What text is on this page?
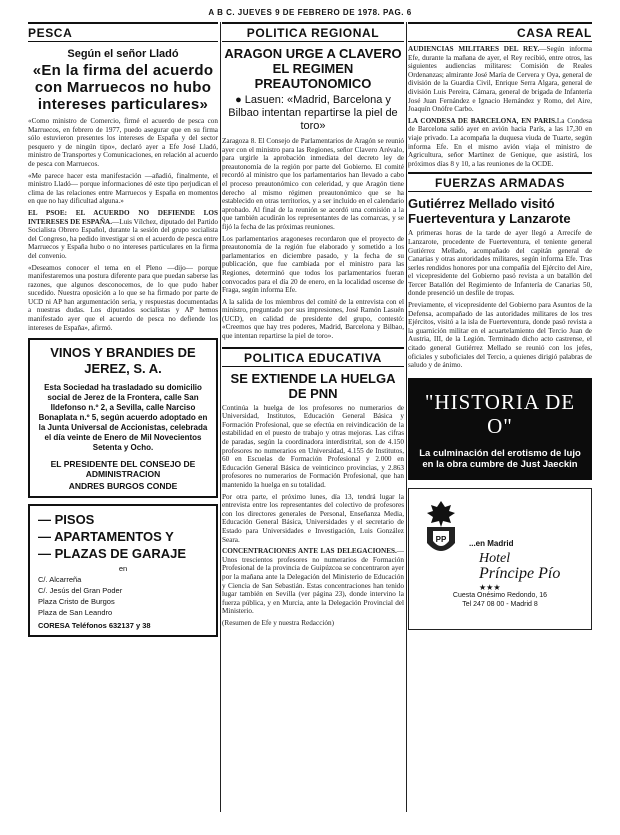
A B C. JUEVES 9 DE FEBRERO DE 1978. PAG. 6
PESCA
Según el señor Lladó
«En la firma del acuerdo con Marruecos no hubo intereses particulares»

«Como ministro de Comercio, firmé el acuerdo de pesca con Marruecos, en febrero de 1977, puedo asegurar que en su firma sólo estuvieron presentes los intereses de España y del sector pesquero y de ningún tipo», declaró ayer a Efe José Lladó, ministro de Transportes y Comunicaciones, en relación al acuerdo de pesca con Marruecos.

«Me parece hacer esta manifestación —añadió, finalmente, el ministro Lladó— porque informaciones dé este tipo perjudican el clima de las relaciones entre Marruecos y España en momentos en que no hay dificultad alguna.»

EL PSOE: EL ACUERDO NO DEFIENDE LOS INTERESES DE ESPAÑA.—Luis Vílchez, diputado del Partido Socialista Obrero Español, durante la sesión del grupo socialista del Congreso, ha pedido investigar si en el acuerdo de pesca entre Marruecos y España hubo o no intereses particulares en la firma del convenio.

«Deseamos conocer el tema en el Pleno —dijo— porque manifestaremos una postura diferente para que puedan saberse las razones, que algunos desconocemos, de lo que pudo haber sucedido. Nuestra oposición a lo que se ha firmado por parte de UCD ni AP han argumentación seria, y respuestas documentadas a nuestras dudas. Los diputados socialistas y AP hemos manifestado ayer que el acuerdo de pesca no defiende los intereses de España», afirmó.

VINOS Y BRANDIES DE JEREZ, S. A.
Esta Sociedad ha trasladado su domicilio social de Jerez de la Frontera, calle San Ildefonso n.º 2, a Sevilla, calle Narciso Bonaplata n.º 5, según acuerdo adoptado en la Junta Universal de Accionistas, celebrada el día veinte de Enero de Mil Novecientos Setenta y Ocho.
EL PRESIDENTE DEL CONSEJO DE ADMINISTRACION
ANDRES BURGOS CONDE
— PISOS
— APARTAMENTOS Y
— PLAZAS DE GARAJE
en
C/. Alcarreña
C/. Jesús del Gran Poder
Plaza Cristo de Burgos
Plaza de San Leandro
CORESA Teléfonos 632137 y 38
POLITICA REGIONAL
ARAGON URGE A CLAVERO EL REGIMEN PREAUTONOMICO
● Lasuen: «Madrid, Barcelona y Bilbao intentan repartirse la piel de toro»

Zaragoza 8. El Consejo de Parlamentarios de Aragón se reunió ayer con el ministro para las Regiones, señor Clavero Arévalo, para urgirle la aprobación inmediata del decreto ley de preautonomía de la región por parte del Gobierno. El comité recordó al ministro que los parlamentarios han llevado a cabo el proceso preautonómico con celeridad, y que Aragón tiene derecho al mismo régimen preautonómico que se ha establecido en otras territorios, y a ser incluido en el calendario aprobado. Al final de la reunión se acordó una comisión a la que también acudirán los representantes de las comarcas, y se fijó la fecha de las próximas reuniones.

Los parlamentarios aragoneses recordaron que el proyecto de preautonomía de la región fue elaborado y sometido a los parlamentarios en diciembre pasado, y la fecha de su publicación, que fue cambiada por el ministro para las Regiones, determinó que todos los parlamentarios fueran convocados para el día 20 de enero, en la localidad oscense de Fraga, según informa Efe.

A la salida de los miembros del comité de la entrevista con el ministro, preguntado por sus impresiones, José Ramón Lasuén (UCD), en calidad de presidente del grupo, contestó: «Creemos que hay tres poderes, Madrid, Barcelona y Bilbao, que intentan repartirse la piel de toro».

POLITICA EDUCATIVA
SE EXTIENDE LA HUELGA DE PNN

Continúa la huelga de los profesores no numerarios de Universidad, Institutos, Educación General Básica y Formación Profesional, que se efectúa en reivindicación de la estabilidad en el puesto de trabajo y otras mejoras. Las cifras de paradas, según la coordinadora interdistrital, son de 4.150 profesores no numerarios en Universidad, 4.155 de Institutos, 60 en Escuelas de Formación Profesional y 2.000 en Educación General Básica de veinticinco provincias, y 2.863 profesores no numerarios de Formación Profesional, que han mantenido la huelga en su totalidad.

Por otra parte, el próximo lunes, día 13, tendrá lugar la entrevista entre los representantes del colectivo de profesores con los directores generales de Personal, Enseñanza Media, Educación General Básica, Universidades y el secretario de Estado para Universidades e Investigación, Luis González Seara.

CONCENTRACIONES ANTE LAS DELEGACIONES.—Unos trescientos profesores no numerarios de Formación Profesional de la provincia de Guipúzcoa se concentraron ayer por la mañana ante la Delegación del Ministerio de Educación y Ciencia de San Sebastián. Estas concentraciones han tenido lugar también en Sevilla (ver página 23), donde intervino la fuerza pública, y en Murcia, ante la Delegación Provincial del Ministerio.

(Resumen de Efe y nuestra Redacción)

CASA REAL

AUDIENCIAS MILITARES DEL REY.—Según informa Efe, durante la mañana de ayer, el Rey recibió, entre otros, las siguientes audiencias militares: Comisión de Reales Ordenanzas; almirante José María de Cervera y Oya, general de división de la Guardia Civil, Enrique Serra Algara, general de división Luis Pereira, Cámara, general de brigada de Infantería José Juan Fernández e Ignacio Hernández y Romo, del Aire, Joaquín Onófre Carbo.

LA CONDESA DE BARCELONA, EN PARIS.La Condesa de Barcelona salió ayer en avión hacia París, a las 17,30 en viaje privado. La acompaña la duquesa viuda de Tuarte, según informa Efe. En el mismo avión viaja el ministro de Agricultura, señor Martínez de Genique, que asistirá, los próximos días 8 y 10, a las reuniones de la OCDE.

FUERZAS ARMADAS
Gutiérrez Mellado visitó Fuerteventura y Lanzarote

A primeras horas de la tarde de ayer llegó a Arrecife de Lanzarote, procedente de Fuerteventura, el teniente general Gutiérrez Mellado, acompañado del capitán general de Canarias y otras autoridades militares, según informa Efe. Tras serles rendidos honores por una compañía del Ejército del Aire, el vicepresidente del Gobierno pasó revista a un batallón del Tercer Batallón del Regimiento de Infantería de Canarias 50, donde presenció un desfile de tropas.

Previamente, el vicepresidente del Gobierno para Asuntos de la Defensa, acompañado de las autoridades militares de los tres Ejércitos, visitó a la isla de Fuerteventura, donde pasó revista a la guarnición militar en el acuartelamiento del Tercio Juan de Austria, III, de la Legión. Terminado dicho acto castrense, el citado general Gutiérrez Mellado se reunió con los jefes, oficiales y suboficiales del Tercio, a quienes dirigió palabras de saludo y de ánimo.

"HISTORIA DE O"
La culminación del erotismo de lujo en la obra cumbre de Just Jaeckin
PP	...en Madrid
Hotel
Príncipe Pío
★★★
Cuesta Onésimo Redondo, 16
Tel 247 08 00 - Madrid 8
